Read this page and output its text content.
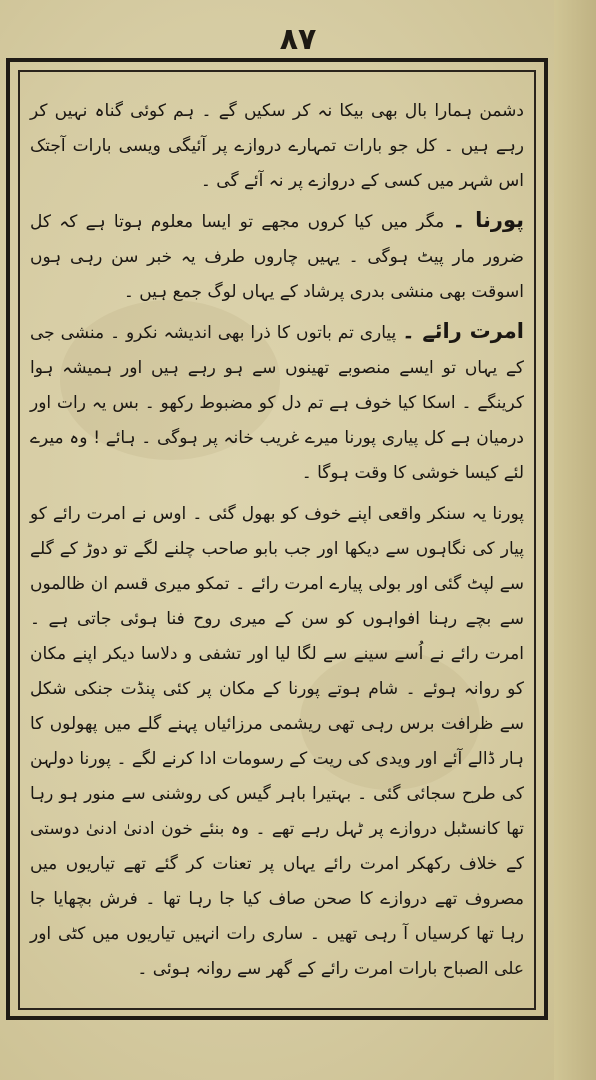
۸۷

دشمن ہمارا بال بھی بیکا نہ کر سکیں گے ۔ ہم کوئی گناہ نہیں کر رہے ہیں ۔ کل جو بارات تمہارے دروازے پر آئیگی ویسی بارات آجتک اس شہر میں کسی کے دروازے پر نہ آئے گی ۔

پورنا ۔ مگر میں کیا کروں مجھے تو ایسا معلوم ہوتا ہے کہ کل ضرور مار پیٹ ہوگی ۔ یہیں چاروں طرف یہ خبر سن رہی ہوں اسوقت بھی منشی بدری پرشاد کے یہاں لوگ جمع ہیں ۔

امرت رائے ۔ پیاری تم باتوں کا ذرا بھی اندیشہ نکرو ۔ منشی جی کے یہاں تو ایسے منصوبے تھینوں سے ہو رہے ہیں اور ہمیشہ ہوا کرینگے ۔ اسکا کیا خوف ہے تم دل کو مضبوط رکھو ۔ بس یہ رات اور درمیان ہے کل پیاری پورنا میرے غریب خانہ پر ہوگی ۔ ہائے ! وہ میرے لئے کیسا خوشی کا وقت ہوگا ۔

پورنا یہ سنکر واقعی اپنے خوف کو بھول گئی ۔ اوس نے امرت رائے کو پیار کی نگاہوں سے دیکھا اور جب بابو صاحب چلنے لگے تو دوڑ کے گلے سے لپٹ گئی اور بولی پیارے امرت رائے ۔ تمکو میری قسم ان ظالموں سے بچے رہنا افواہوں کو سن کے میری روح فنا ہوئی جاتی ہے ۔ امرت رائے نے اُسے سینے سے لگا لیا اور تشفی و دلاسا دیکر اپنے مکان کو روانہ ہوئے ۔ شام ہوتے پورنا کے مکان پر کئی پنڈت جنکی شکل سے ظرافت برس رہی تھی ریشمی مرزائیاں پہنے گلے میں پھولوں کا ہار ڈالے آئے اور ویدی کی ریت کے رسومات ادا کرنے لگے ۔ پورنا دولہن کی طرح سجائی گئی ۔ بہتیرا باہر گیس کی روشنی سے منور ہو رہا تھا کانسٹبل دروازے پر ٹہل رہے تھے ۔ وہ بنئے خون ادنیٰ ادنیٰ دوستی کے خلاف رکھکر امرت رائے یہاں پر تعنات کر گئے تھے تیاریوں میں مصروف تھے دروازے کا صحن صاف کیا جا رہا تھا ۔ فرش بچھایا جا رہا تھا کرسیاں آ رہی تھیں ۔ ساری رات انہیں تیاریوں میں کٹی اور علی الصباح بارات امرت رائے کے گھر سے روانہ ہوئی ۔
